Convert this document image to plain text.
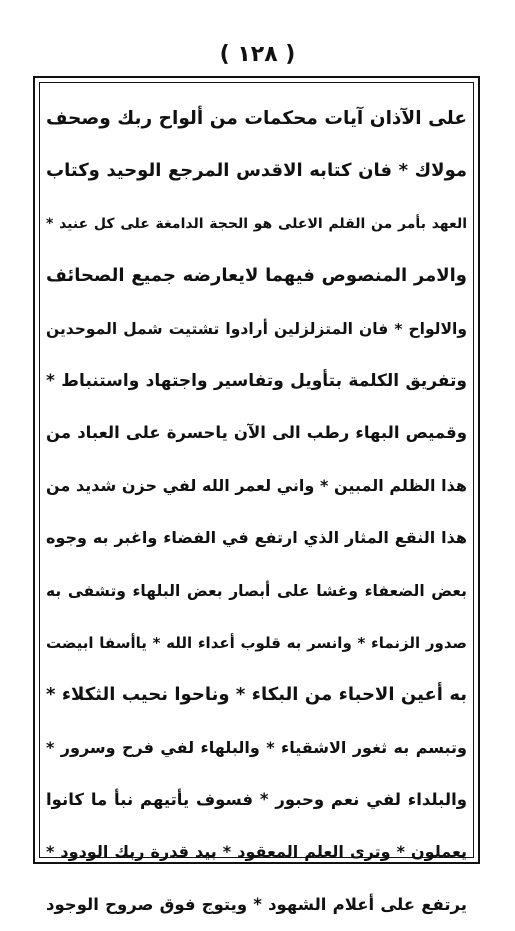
( ١٢٨ )
على الآذان آيات محكمات من ألواح ربك وصحف
مولاك * فان كتابه الاقدس المرجع الوحيد وكتاب
العهد بأمر من القلم الاعلى هو الحجة الدامغة على كل عنيد *
والامر المنصوص فيهما لايعارضه جميع الصحائف
والالواح * فان المتزلزلين أرادوا تشتيت شمل الموحدين
وتفريق الكلمة بتأويل وتفاسير واجتهاد واستنباط *
وقميص البهاء رطب الى الآن ياحسرة على العباد من
هذا الظلم المبين * واني لعمر الله لفي حزن شديد من
هذا النقع المثار الذي ارتفع في الفضاء واغبر به وجوه
بعض الضعفاء وغشا على أبصار بعض البلهاء وتشفى به
صدور الزنماء * وانسر به قلوب أعداء الله * ياأسفا ابيضت
به أعين الاحباء من البكاء * وناحوا نحيب الثكلاء *
وتبسم به ثغور الاشقياء * والبلهاء لفي فرح وسرور *
والبلداء لفي نعم وحبور * فسوف يأتيهم نبأ ما كانوا
يعملون * وترى العلم المعقود * بيد قدرة ربك الودود *
يرتفع على أعلام الشهود * ويتوج فوق صروح الوجود
